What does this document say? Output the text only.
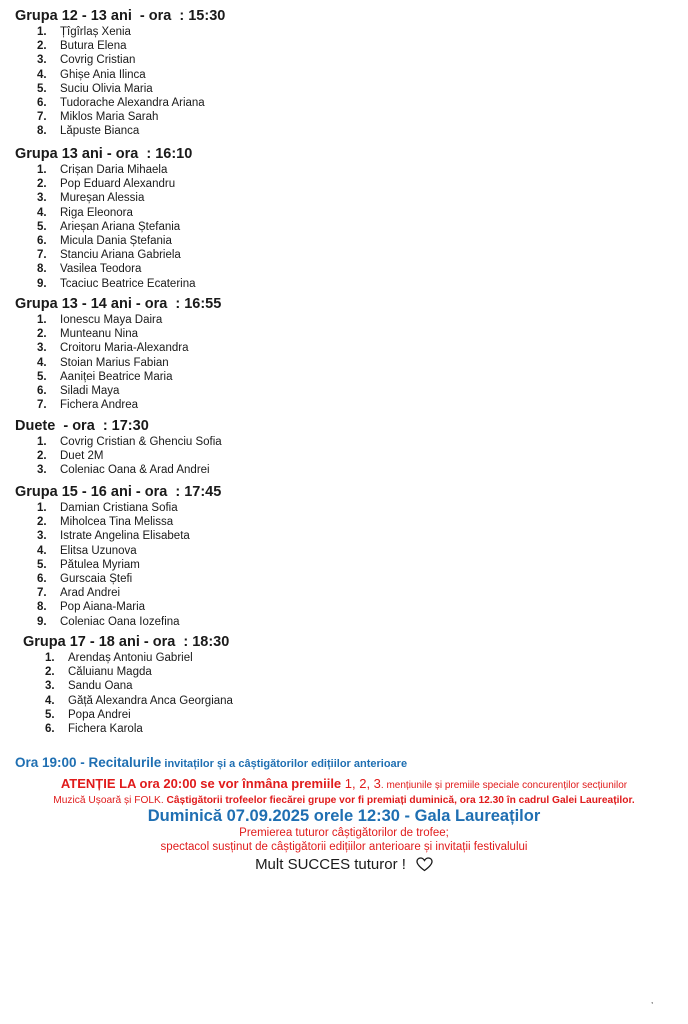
Grupa 12 - 13 ani  - ora  : 15:30
1.	Țîgîrlaș Xenia
2.	Butura Elena
3.	Covrig Cristian
4.	Ghișe Ania Ilinca
5.	Suciu Olivia Maria
6.	Tudorache Alexandra Ariana
7.	Miklos Maria Sarah
8.	Lăpuste Bianca
Grupa 13 ani - ora  : 16:10
1.	Crișan Daria Mihaela
2.	Pop Eduard Alexandru
3.	Mureșan Alessia
4.	Riga Eleonora
5.	Arieșan Ariana Ștefania
6.	Micula Dania Ștefania
7.	Stanciu Ariana Gabriela
8.	Vasilea Teodora
9.	Tcaciuc Beatrice Ecaterina
Grupa 13 - 14 ani - ora  : 16:55
1.	Ionescu Maya Daira
2.	Munteanu Nina
3.	Croitoru Maria-Alexandra
4.	Stoian Marius Fabian
5.	Aaniței Beatrice Maria
6.	Siladi Maya
7.	Fichera Andrea
Duete  - ora  : 17:30
1.	Covrig Cristian & Ghenciu Sofia
2.	Duet 2M
3.	Coleniac Oana & Arad Andrei
Grupa 15 - 16 ani - ora  : 17:45
1.	Damian Cristiana Sofia
2.	Miholcea Tina Melissa
3.	Istrate Angelina Elisabeta
4.	Elitsa Uzunova
5.	Pătulea Myriam
6.	Gurscaia Ștefi
7.	Arad Andrei
8.	Pop Aiana-Maria
9.	Coleniac Oana Iozefina
Grupa 17 - 18 ani - ora  : 18:30
1.	Arendaș Antoniu Gabriel
2.	Căluianu Magda
3.	Sandu Oana
4.	Găță Alexandra Anca Georgiana
5.	Popa Andrei
6.	Fichera Karola
Ora 19:00 - Recitalurile invitaților și a câștigătorilor edițiilor anterioare
ATENȚIE LA ora 20:00 se vor înmâna premiile 1, 2, 3. mențiunile și premiile speciale concurenților secțiunilor
Muzică Ușoară și FOLK. Câștigătorii trofeelor fiecărei grupe vor fi premiați duminică, ora 12.30 în cadrul Galei Laureaților.
Duminică 07.09.2025 orele 12:30 - Gala Laureaților
Premierea tuturor câștigătorilor de trofee;
spectacol susținut de câștigătorii edițiilor anterioare și invitații festivalului
Mult SUCCES tuturor !
,
